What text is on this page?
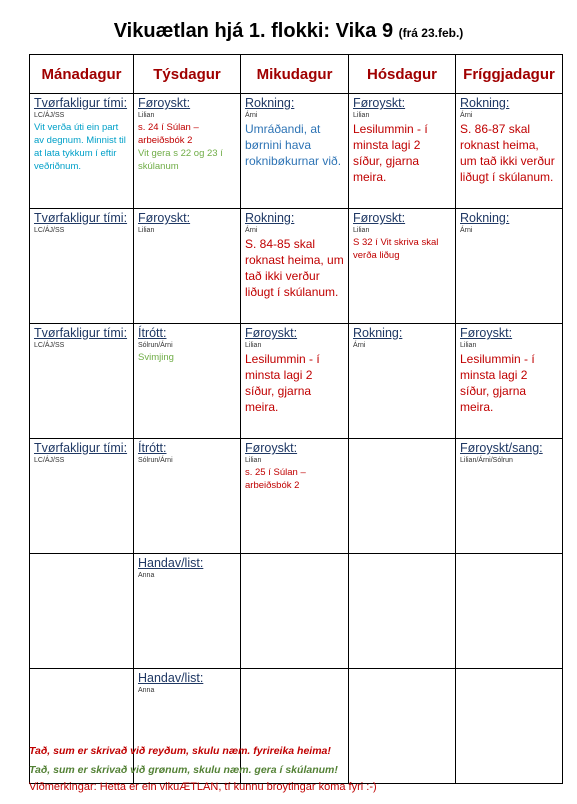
Vikuætlan hjá 1. flokki: Vika 9 (frá 23.feb.)
Mánadagur	Týsdagur	Mikudagur	Hósdagur	Fríggjadagur

Tvørfakligur tími:
LC/ÁJ/SS
Vit verða úti ein part av degnum. Minnist til at lata tykkum í eftir veðriðnum.	Føroyskt:
Lilian
s. 24 í Súlan – arbeiðsbók 2
Vit gera s 22 og 23 í skúlanum	Rokning:
Árni
Umráðandi, at børnini hava roknibøkurnar við.	Føroyskt:
Lilian
Lesilummin - í minsta lagi 2 síður, gjarna meira.	Rokning:
Árni
S. 86-87 skal roknast heima, um tað ikki verður liðugt í skúlanum.

Tvørfakligur tími:
LC/ÁJ/SS	Føroyskt:
Lilian	Rokning:
Árni
S. 84-85 skal roknast heima, um tað ikki verður liðugt í skúlanum.	Føroyskt:
Lilian
S 32 í Vit skriva skal verða liðug	Rokning:
Árni

Tvørfakligur tími:
LC/ÁJ/SS	Ítrótt:
Sólrun/Árni
Svimjing	Føroyskt:
Lilian
Lesilummin - í minsta lagi 2 síður, gjarna meira.	Rokning:
Árni	Føroyskt:
Lilian
Lesilummin - í minsta lagi 2 síður, gjarna meira.

Tvørfakligur tími:
LC/ÁJ/SS	Ítrótt:
Sólrun/Árni	Føroyskt:
Lilian
s. 25 í Súlan – arbeiðsbók 2		Føroyskt/sang:
Lilian/Árni/Sólrun

	Handav/list:
Anna			

	Handav/list:
Anna			

Tað, sum er skrivað við reyðum, skulu næm. fyrireika heima!
Tað, sum er skrivað við grønum, skulu næm. gera í skúlanum!
Viðmerkingar: Hetta er ein vikuÆTLAN, tí kunnu broytingar koma fyri :-)
